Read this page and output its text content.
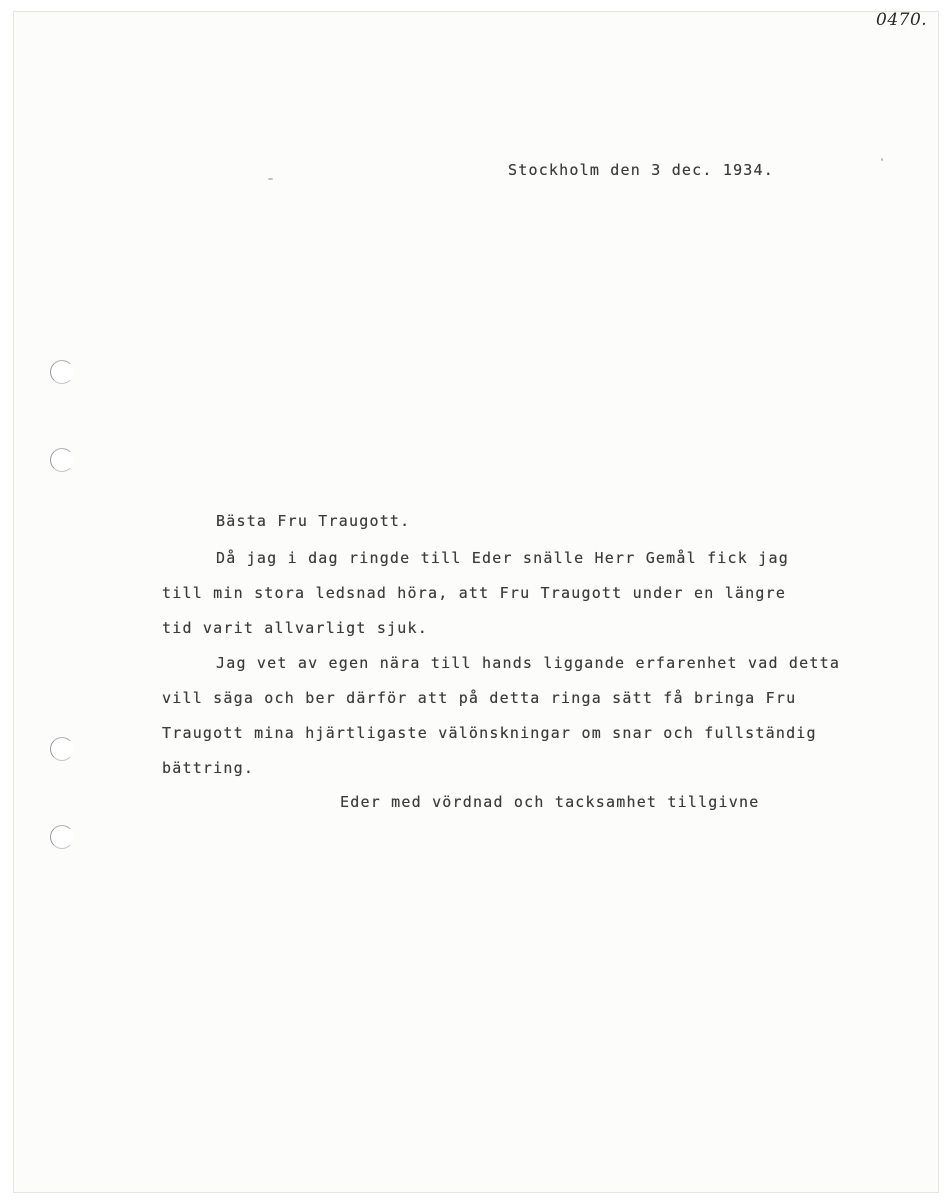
0470.
Stockholm den 3 dec. 1934.
Bästa Fru Traugott.
Då jag i dag ringde till Eder snälle Herr Gemål fick jag
till min stora ledsnad höra, att Fru Traugott under en längre
tid varit allvarligt sjuk.
Jag vet av egen nära till hands liggande erfarenhet vad detta
vill säga och ber därför att på detta ringa sätt få bringa Fru
Traugott mina hjärtligaste välönskningar om snar och fullständig
bättring.
Eder med vördnad och tacksamhet tillgivne
